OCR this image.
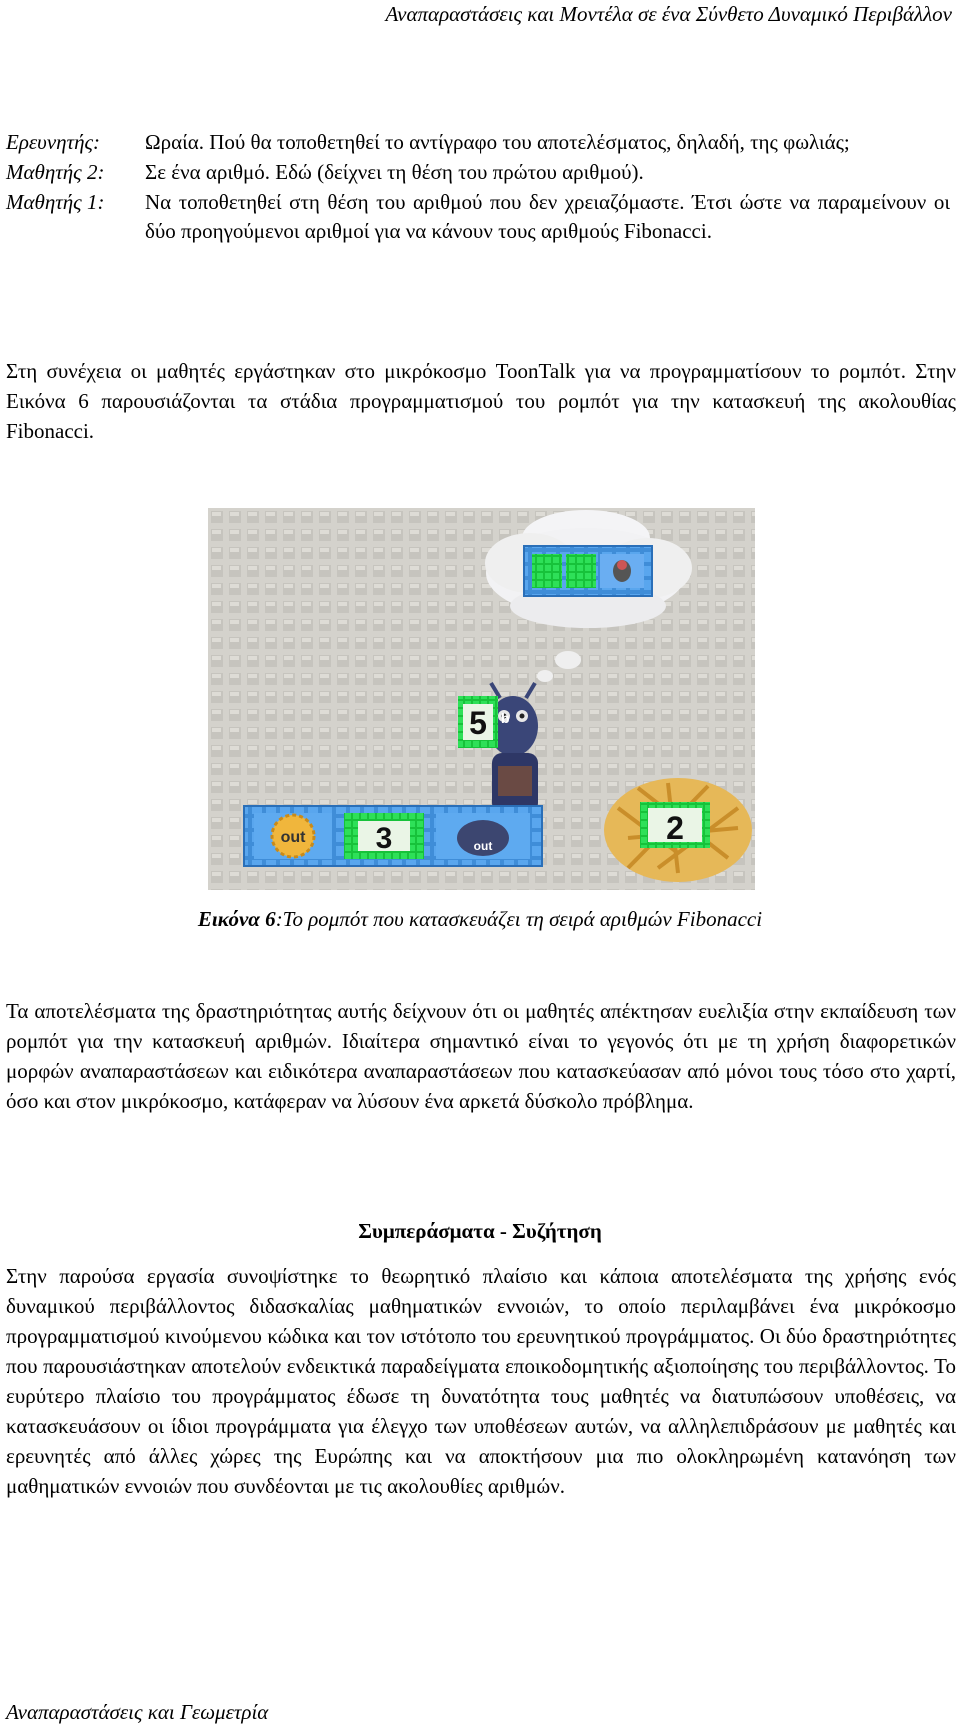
Αναπαραστάσεις και Μοντέλα σε ένα Σύνθετο Δυναμικό Περιβάλλον
Ερευνητής:	Ωραία. Πού θα τοποθετηθεί το αντίγραφο του αποτελέσματος, δηλαδή, της φωλιάς;
Μαθητής 2:	Σε ένα αριθμό. Εδώ (δείχνει τη θέση του πρώτου αριθμού).
Μαθητής 1:	Να τοποθετηθεί στη θέση του αριθμού που δεν χρειαζόμαστε. Έτσι ώστε να παραμείνουν οι δύο προηγούμενοι αριθμοί για να κάνουν τους αριθμούς Fibonacci.

Στη συνέχεια οι μαθητές εργάστηκαν στο μικρόκοσμο ToonTalk για να προγραμματίσουν το ρομπότ. Στην Εικόνα 6 παρουσιάζονται τα στάδια προγραμματισμού του ρομπότ για την κατασκευή της ακολουθίας Fibonacci.

5 b
out 3	out	2
Εικόνα 6:Το ρομπότ που κατασκευάζει τη σειρά αριθμών Fibonacci

Τα αποτελέσματα της δραστηριότητας αυτής δείχνουν ότι οι μαθητές απέκτησαν ευελιξία στην εκπαίδευση των ρομπότ για την κατασκευή αριθμών. Ιδιαίτερα σημαντικό είναι το γεγονός ότι με τη χρήση διαφορετικών μορφών αναπαραστάσεων και ειδικότερα αναπαραστάσεων που κατασκεύασαν από μόνοι τους τόσο στο χαρτί, όσο και στον μικρόκοσμο, κατάφεραν να λύσουν ένα αρκετά δύσκολο πρόβλημα.

Συμπεράσματα - Συζήτηση

Στην παρούσα εργασία συνοψίστηκε το θεωρητικό πλαίσιο και κάποια αποτελέσματα της χρήσης ενός δυναμικού περιβάλλοντος διδασκαλίας μαθηματικών εννοιών, το οποίο περιλαμβάνει ένα μικρόκοσμο προγραμματισμού κινούμενου κώδικα και τον ιστότοπο του ερευνητικού προγράμματος. Οι δύο δραστηριότητες που παρουσιάστηκαν αποτελούν ενδεικτικά παραδείγματα εποικοδομητικής αξιοποίησης του περιβάλλοντος. Το ευρύτερο πλαίσιο του προγράμματος έδωσε τη δυνατότητα τους μαθητές να διατυπώσουν υποθέσεις, να κατασκευάσουν οι ίδιοι προγράμματα για έλεγχο των υποθέσεων αυτών, να αλληλεπιδράσουν με μαθητές και ερευνητές από άλλες χώρες της Ευρώπης και να αποκτήσουν μια πιο ολοκληρωμένη κατανόηση των μαθηματικών εννοιών που συνδέονται με τις ακολουθίες αριθμών.

Αναπαραστάσεις και Γεωμετρία
